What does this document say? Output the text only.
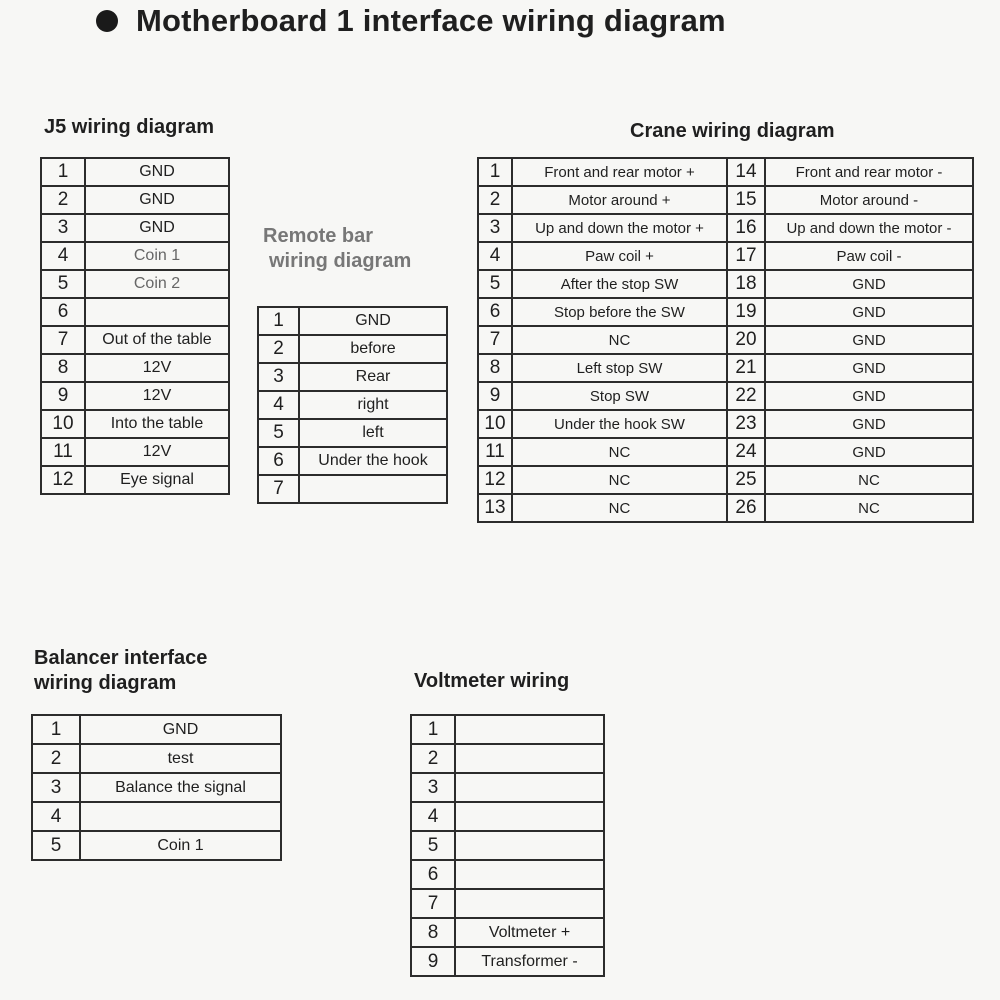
Motherboard 1 interface wiring diagram
J5 wiring diagram
1	GND
2	GND
3	GND
4	Coin 1
5	Coin 2
6	
7	Out of the table
8	12V
9	12V
10	Into the table
11	12V
12	Eye signal
Remote bar
wiring diagram
1	GND
2	before
3	Rear
4	right
5	left
6	Under the hook
7	
Crane wiring diagram
1	Front and rear motor +	14	Front and rear motor -
2	Motor around +	15	Motor around -
3	Up and down the motor +	16	Up and down the motor -
4	Paw coil +	17	Paw coil -
5	After the stop SW	18	GND
6	Stop before the SW	19	GND
7	NC	20	GND
8	Left stop SW	21	GND
9	Stop SW	22	GND
10	Under the hook SW	23	GND
11	NC	24	GND
12	NC	25	NC
13	NC	26	NC
Balancer interface
wiring diagram
1	GND
2	test
3	Balance the signal
4	
5	Coin 1
Voltmeter wiring
1	
2	
3	
4	
5	
6	
7	
8	Voltmeter +
9	Transformer -
